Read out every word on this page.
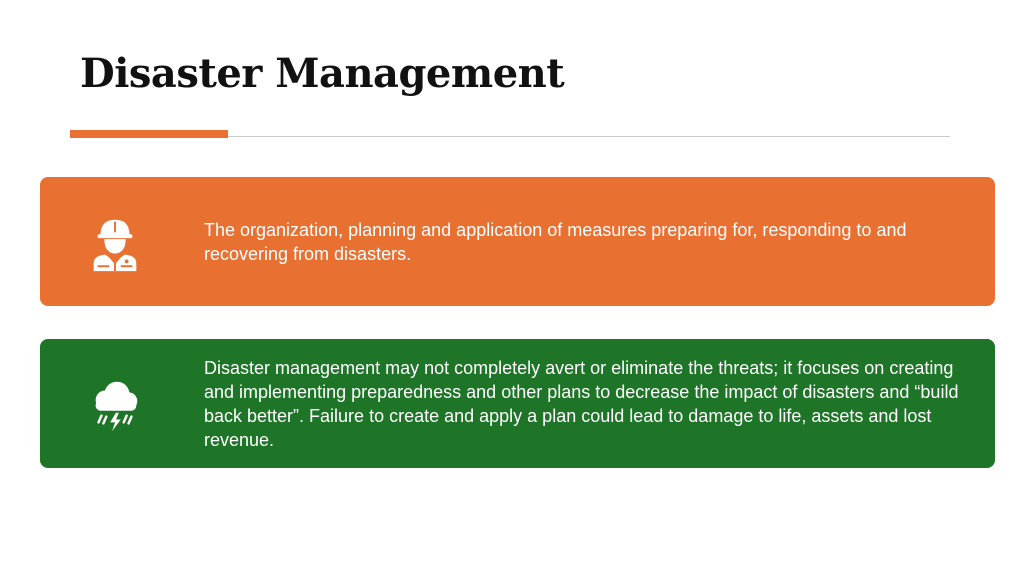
Disaster Management

The organization, planning and application of measures preparing for, responding to and recovering from disasters.

Disaster management may not completely avert or eliminate the threats; it focuses on creating and implementing preparedness and other plans to decrease the impact of disasters and “build back better”. Failure to create and apply a plan could lead to damage to life, assets and lost revenue.
